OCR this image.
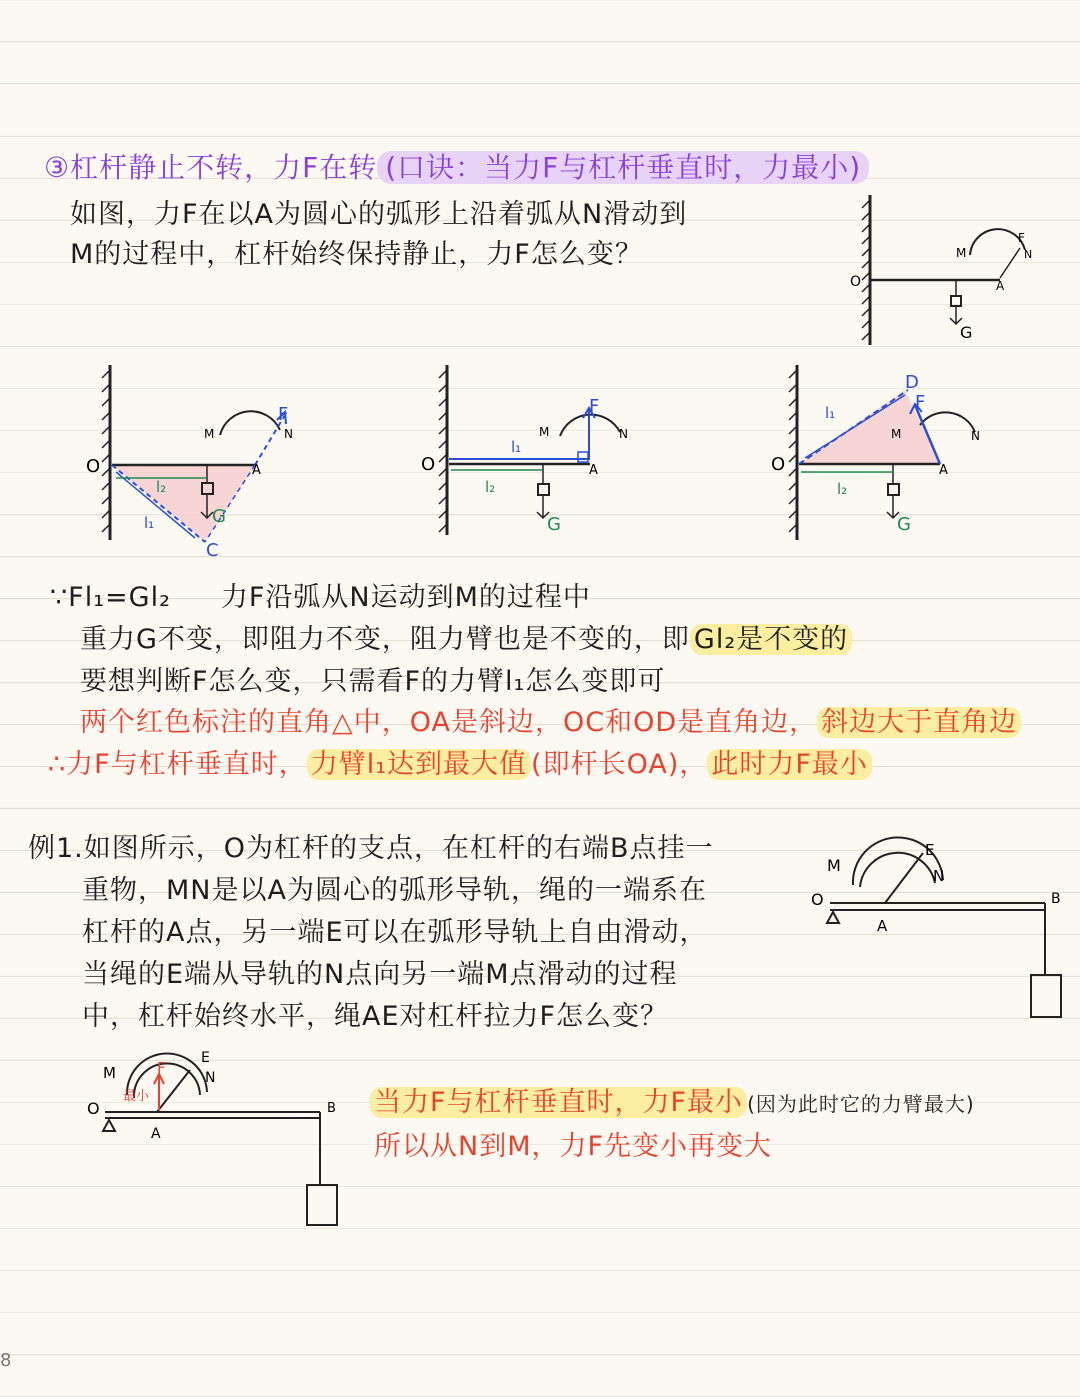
③杠杆静止不转，力F在转 (口诀：当力F与杠杆垂直时，力最小)
如图，力F在以A为圆心的弧形上沿着弧从N滑动到
M的过程中，杠杆始终保持静止，力F怎么变？
O	A
M
F
N
G
O	A
M
F
N
l₂
l₁	G
C
O	A
M
F
N
l₁
l₂
G
O	A
M
F
D
N
l₁
l₂
G
∵Fl₁=Gl₂ 力F沿弧从N运动到M的过程中
重力G不变，即阻力不变，阻力臂也是不变的，即 Gl₂是不变的
要想判断F怎么变，只需看F的力臂l₁怎么变即可
两个红色标注的直角△中，OA是斜边，OC和OD是直角边， 斜边大于直角边
∴力F与杠杆垂直时， 力臂l₁达到最大值 (即杆长OA)， 此时力F最小
例1.如图所示，O为杠杆的支点，在杠杆的右端B点挂一
重物，MN是以A为圆心的弧形导轨，绳的一端系在
杠杆的A点，另一端E可以在弧形导轨上自由滑动，
当绳的E端从导轨的N点向另一端M点滑动的过程
中，杠杆始终水平，绳AE对杠杆拉力F怎么变？
M
O
E
N
A
B
M
O
F
最小
E
N
A
B 当力F与杠杆垂直时，力F最小 (因为此时它的力臂最大)
所以从N到M，力F先变小再变大
8
